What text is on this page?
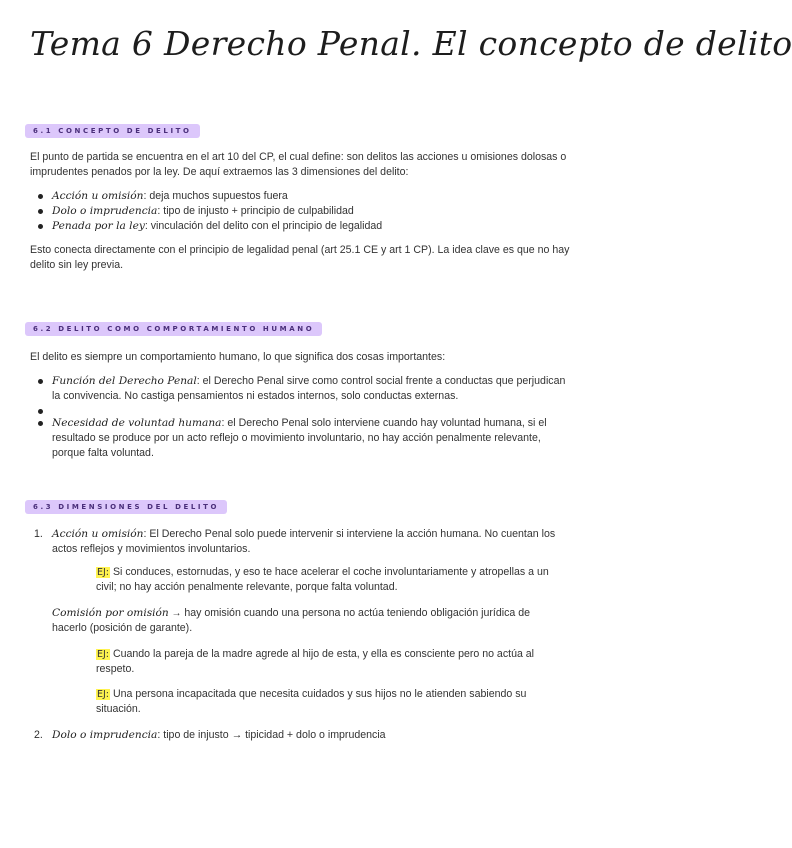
Tema 6 Derecho Penal. El concepto de delito
6.1 CONCEPTO DE DELITO
El punto de partida se encuentra en el art 10 del CP, el cual define: son delitos las acciones u omisiones dolosas o imprudentes penados por la ley. De aquí extraemos las 3 dimensiones del delito:
Acción u omisión: deja muchos supuestos fuera
Dolo o imprudencia: tipo de injusto + principio de culpabilidad
Penada por la ley: vinculación del delito con el principio de legalidad
Esto conecta directamente con el principio de legalidad penal (art 25.1 CE y art 1 CP). La idea clave es que no hay delito sin ley previa.
6.2 DELITO COMO COMPORTAMIENTO HUMANO
El delito es siempre un comportamiento humano, lo que significa dos cosas importantes:
Función del Derecho Penal: el Derecho Penal sirve como control social frente a conductas que perjudican la convivencia. No castiga pensamientos ni estados internos, solo conductas externas.
Necesidad de voluntad humana: el Derecho Penal solo interviene cuando hay voluntad humana, si el resultado se produce por un acto reflejo o movimiento involuntario, no hay acción penalmente relevante, porque falta voluntad.
6.3 DIMENSIONES DEL DELITO
1. Acción u omisión: El Derecho Penal solo puede intervenir si interviene la acción humana. No cuentan los actos reflejos y movimientos involuntarios.
EJ: Si conduces, estornudas, y eso te hace acelerar el coche involuntariamente y atropellas a un civil; no hay acción penalmente relevante, porque falta voluntad.
Comisión por omisión → hay omisión cuando una persona no actúa teniendo obligación jurídica de hacerlo (posición de garante).
EJ: Cuando la pareja de la madre agrede al hijo de esta, y ella es consciente pero no actúa al respeto.
EJ: Una persona incapacitada que necesita cuidados y sus hijos no le atienden sabiendo su situación.
2. Dolo o imprudencia: tipo de injusto → tipicidad + dolo o imprudencia
